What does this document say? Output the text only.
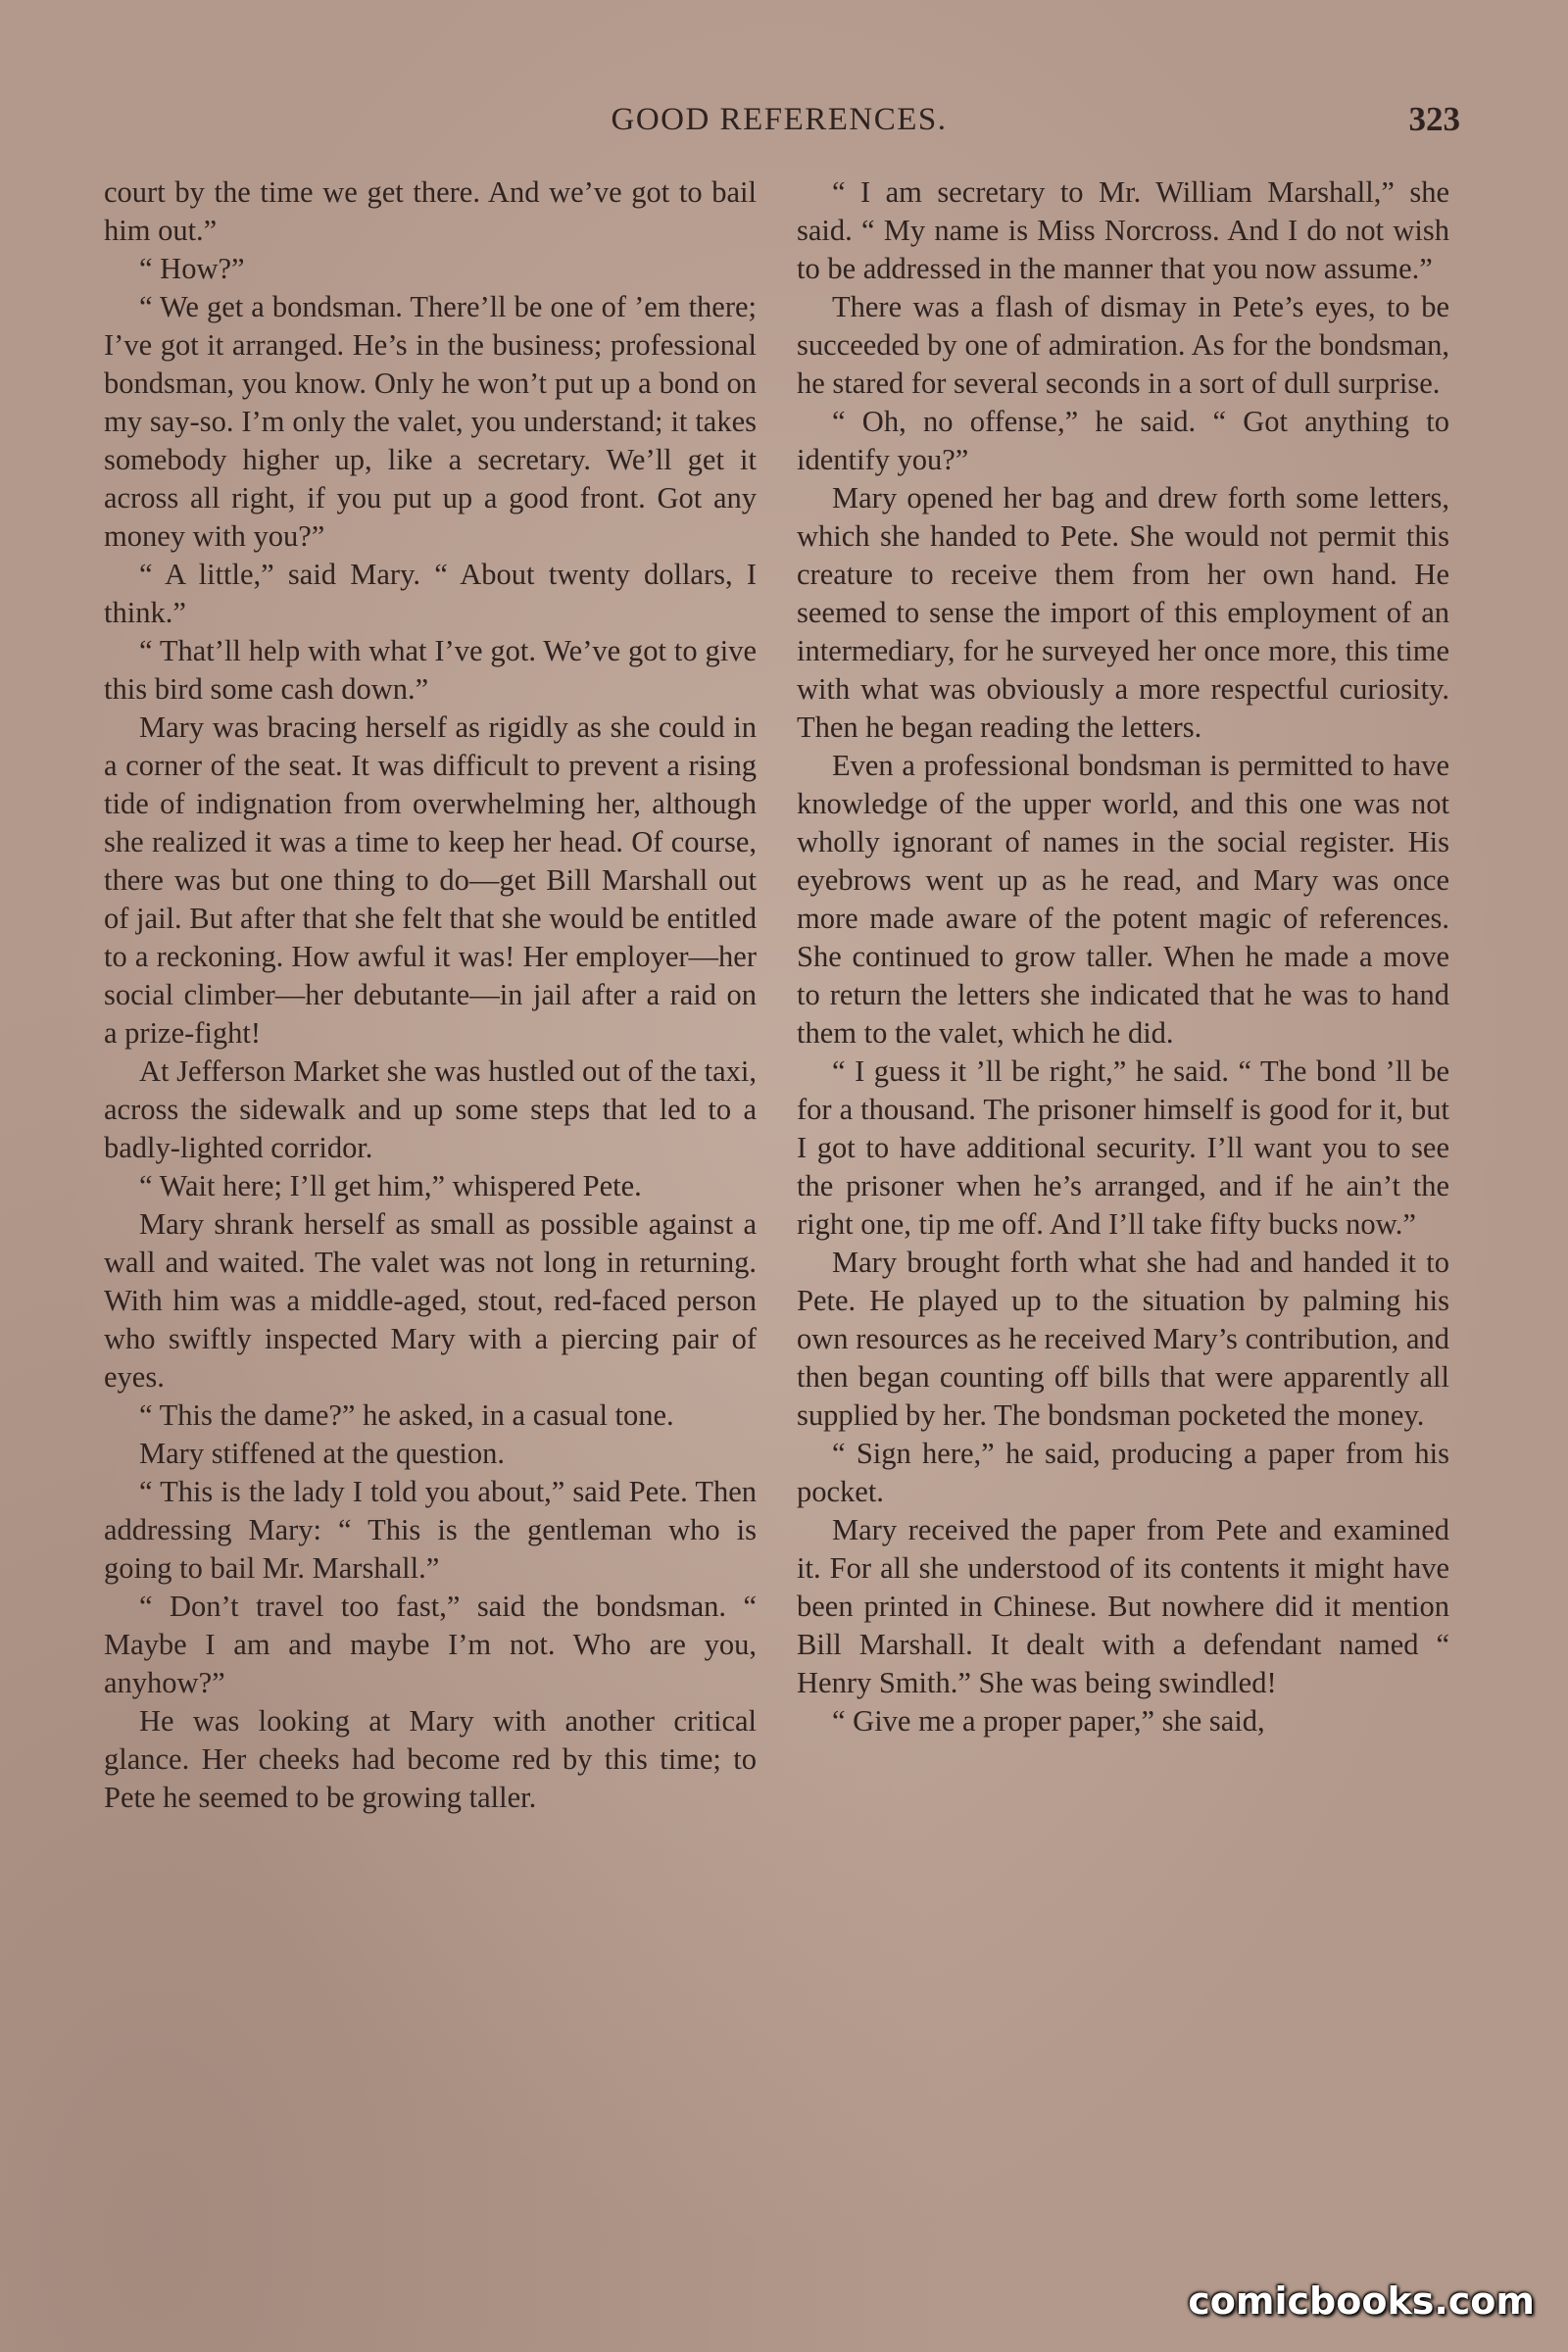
GOOD REFERENCES.	323

court by the time we get there. And we’ve got to bail him out.”

“ How?”

“ We get a bondsman. There’ll be one of ’em there; I’ve got it arranged. He’s in the business; professional bondsman, you know. Only he won’t put up a bond on my say-so. I’m only the valet, you understand; it takes somebody higher up, like a secretary. We’ll get it across all right, if you put up a good front. Got any money with you?”

“ A little,” said Mary. “ About twenty dollars, I think.”

“ That’ll help with what I’ve got. We’ve got to give this bird some cash down.”

Mary was bracing herself as rigidly as she could in a corner of the seat. It was difficult to prevent a rising tide of indignation from overwhelming her, although she realized it was a time to keep her head. Of course, there was but one thing to do—get Bill Marshall out of jail. But after that she felt that she would be entitled to a reckoning. How awful it was! Her employer—her social climber—her debutante—in jail after a raid on a prize-fight!

At Jefferson Market she was hustled out of the taxi, across the sidewalk and up some steps that led to a badly-lighted corridor.

“ Wait here; I’ll get him,” whispered Pete.

Mary shrank herself as small as possible against a wall and waited. The valet was not long in returning. With him was a middle-aged, stout, red-faced person who swiftly inspected Mary with a piercing pair of eyes.

“ This the dame?” he asked, in a casual tone.

Mary stiffened at the question.

“ This is the lady I told you about,” said Pete. Then addressing Mary: “ This is the gentleman who is going to bail Mr. Marshall.”

“ Don’t travel too fast,” said the bondsman. “ Maybe I am and maybe I’m not. Who are you, anyhow?”

He was looking at Mary with another critical glance. Her cheeks had become red by this time; to Pete he seemed to be growing taller.

“ I am secretary to Mr. William Marshall,” she said. “ My name is Miss Norcross. And I do not wish to be addressed in the manner that you now assume.”

There was a flash of dismay in Pete’s eyes, to be succeeded by one of admiration. As for the bondsman, he stared for several seconds in a sort of dull surprise.

“ Oh, no offense,” he said. “ Got anything to identify you?”

Mary opened her bag and drew forth some letters, which she handed to Pete. She would not permit this creature to receive them from her own hand. He seemed to sense the import of this employment of an intermediary, for he surveyed her once more, this time with what was obviously a more respectful curiosity. Then he began reading the letters.

Even a professional bondsman is permitted to have knowledge of the upper world, and this one was not wholly ignorant of names in the social register. His eyebrows went up as he read, and Mary was once more made aware of the potent magic of references. She continued to grow taller. When he made a move to return the letters she indicated that he was to hand them to the valet, which he did.

“ I guess it ’ll be right,” he said. “ The bond ’ll be for a thousand. The prisoner himself is good for it, but I got to have additional security. I’ll want you to see the prisoner when he’s arranged, and if he ain’t the right one, tip me off. And I’ll take fifty bucks now.”

Mary brought forth what she had and handed it to Pete. He played up to the situation by palming his own resources as he received Mary’s contribution, and then began counting off bills that were apparently all supplied by her. The bondsman pocketed the money.

“ Sign here,” he said, producing a paper from his pocket.

Mary received the paper from Pete and examined it. For all she understood of its contents it might have been printed in Chinese. But nowhere did it mention Bill Marshall. It dealt with a defendant named “ Henry Smith.” She was being swindled!

“ Give me a proper paper,” she said,

comicbooks.com
